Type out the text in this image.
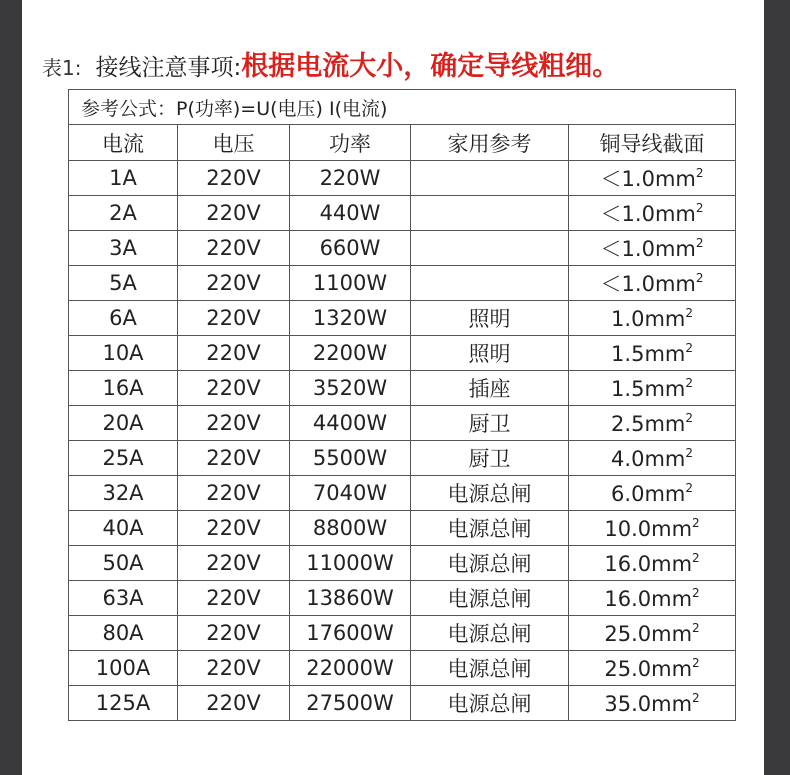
表1: 接线注意事项: 根据电流大小，确定导线粗细。
参考公式：P(功率)=U(电压) I(电流)				
电流	电压	功率	家用参考	铜导线截面
1A	220V	220W		$<1.0mm^2$
2A	220V	440W		$<1.0mm^2$
3A	220V	660W		$<1.0mm^2$
5A	220V	1100W		$<1.0mm^2$
6A	220V	1320W	照明	$1.0mm^2$
10A	220V	2200W	照明	$1.5mm^2$
16A	220V	3520W	插座	$1.5mm^2$
20A	220V	4400W	厨卫	$2.5mm^2$
25A	220V	5500W	厨卫	$4.0mm^2$
32A	220V	7040W	电源总闸	$6.0mm^2$
40A	220V	8800W	电源总闸	$10.0mm^2$
50A	220V	11000W	电源总闸	$16.0mm^2$
63A	220V	13860W	电源总闸	$16.0mm^2$
80A	220V	17600W	电源总闸	$25.0mm^2$
100A	220V	22000W	电源总闸	$25.0mm^2$
125A	220V	27500W	电源总闸	$35.0mm^2$
